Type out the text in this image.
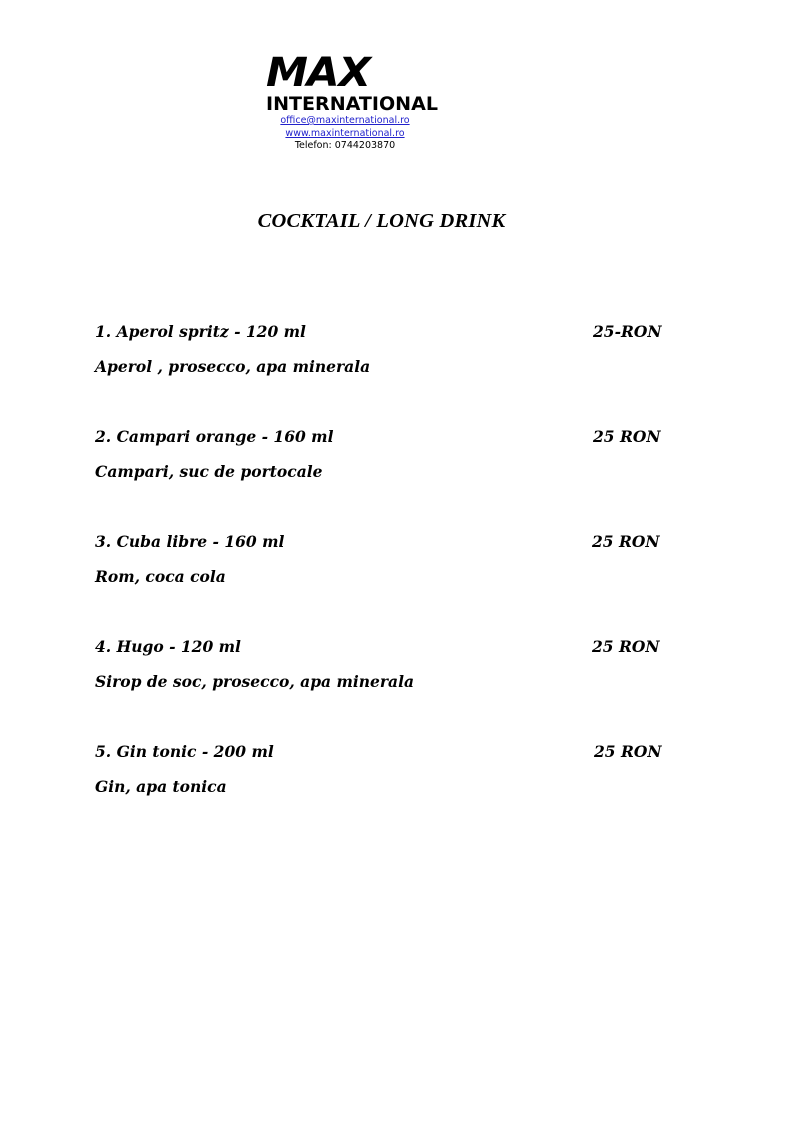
MAX
INTERNATIONAL
office@maxinternational.ro
www.maxinternational.ro
Telefon: 0744203870
COCKTAIL / LONG DRINK
1. Aperol spritz - 120 ml	25-RON
Aperol , prosecco, apa minerala
2. Campari orange - 160 ml	25 RON
Campari, suc de portocale
3. Cuba libre - 160 ml	25 RON
Rom, coca cola
4. Hugo - 120 ml	25 RON
Sirop de soc, prosecco, apa minerala
5. Gin tonic - 200 ml	25 RON
Gin, apa tonica
